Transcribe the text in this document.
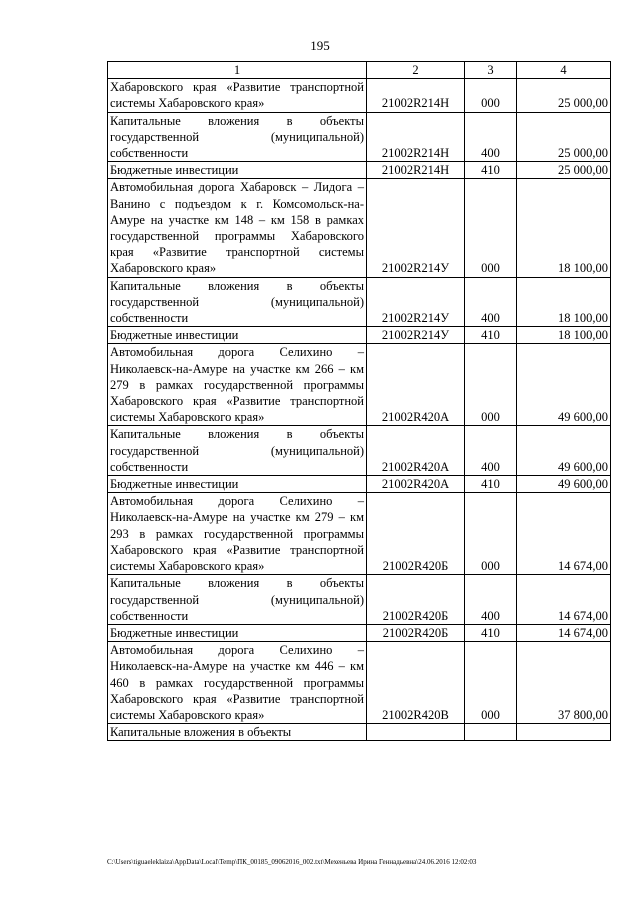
195
1	2	3	4
Хабаровского края «Развитие транспортной системы Хабаровского края»	21002R214Н	000	25 000,00
Капитальные вложения в объекты государственной (муниципальной) собственности	21002R214Н	400	25 000,00
Бюджетные инвестиции	21002R214Н	410	25 000,00
Автомобильная дорога Хабаровск – Лидога – Ванино с подъездом к г. Комсомольск-на-Амуре на участке км 148 – км 158 в рамках государственной программы Хабаровского края «Развитие транспортной системы Хабаровского края»	21002R214У	000	18 100,00
Капитальные вложения в объекты государственной (муниципальной) собственности	21002R214У	400	18 100,00
Бюджетные инвестиции	21002R214У	410	18 100,00
Автомобильная дорога Селихино – Николаевск-на-Амуре на участке км 266 – км 279 в рамках государственной программы Хабаровского края «Развитие транспортной системы Хабаровского края»	21002R420А	000	49 600,00
Капитальные вложения в объекты государственной (муниципальной) собственности	21002R420А	400	49 600,00
Бюджетные инвестиции	21002R420А	410	49 600,00
Автомобильная дорога Селихино – Николаевск-на-Амуре на участке км 279 – км 293 в рамках государственной программы Хабаровского края «Развитие транспортной системы Хабаровского края»	21002R420Б	000	14 674,00
Капитальные вложения в объекты государственной (муниципальной) собственности	21002R420Б	400	14 674,00
Бюджетные инвестиции	21002R420Б	410	14 674,00
Автомобильная дорога Селихино – Николаевск-на-Амуре на участке км 446 – км 460 в рамках государственной программы Хабаровского края «Развитие транспортной системы Хабаровского края»	21002R420В	000	37 800,00
Капитальные вложения в объекты			
C:\Users\tiguaeleklaiza\AppData\Local\Temp\ПК_00185_09062016_002.txt\Мехеньева Ирина Геннадьевна\24.06.2016 12:02:03
